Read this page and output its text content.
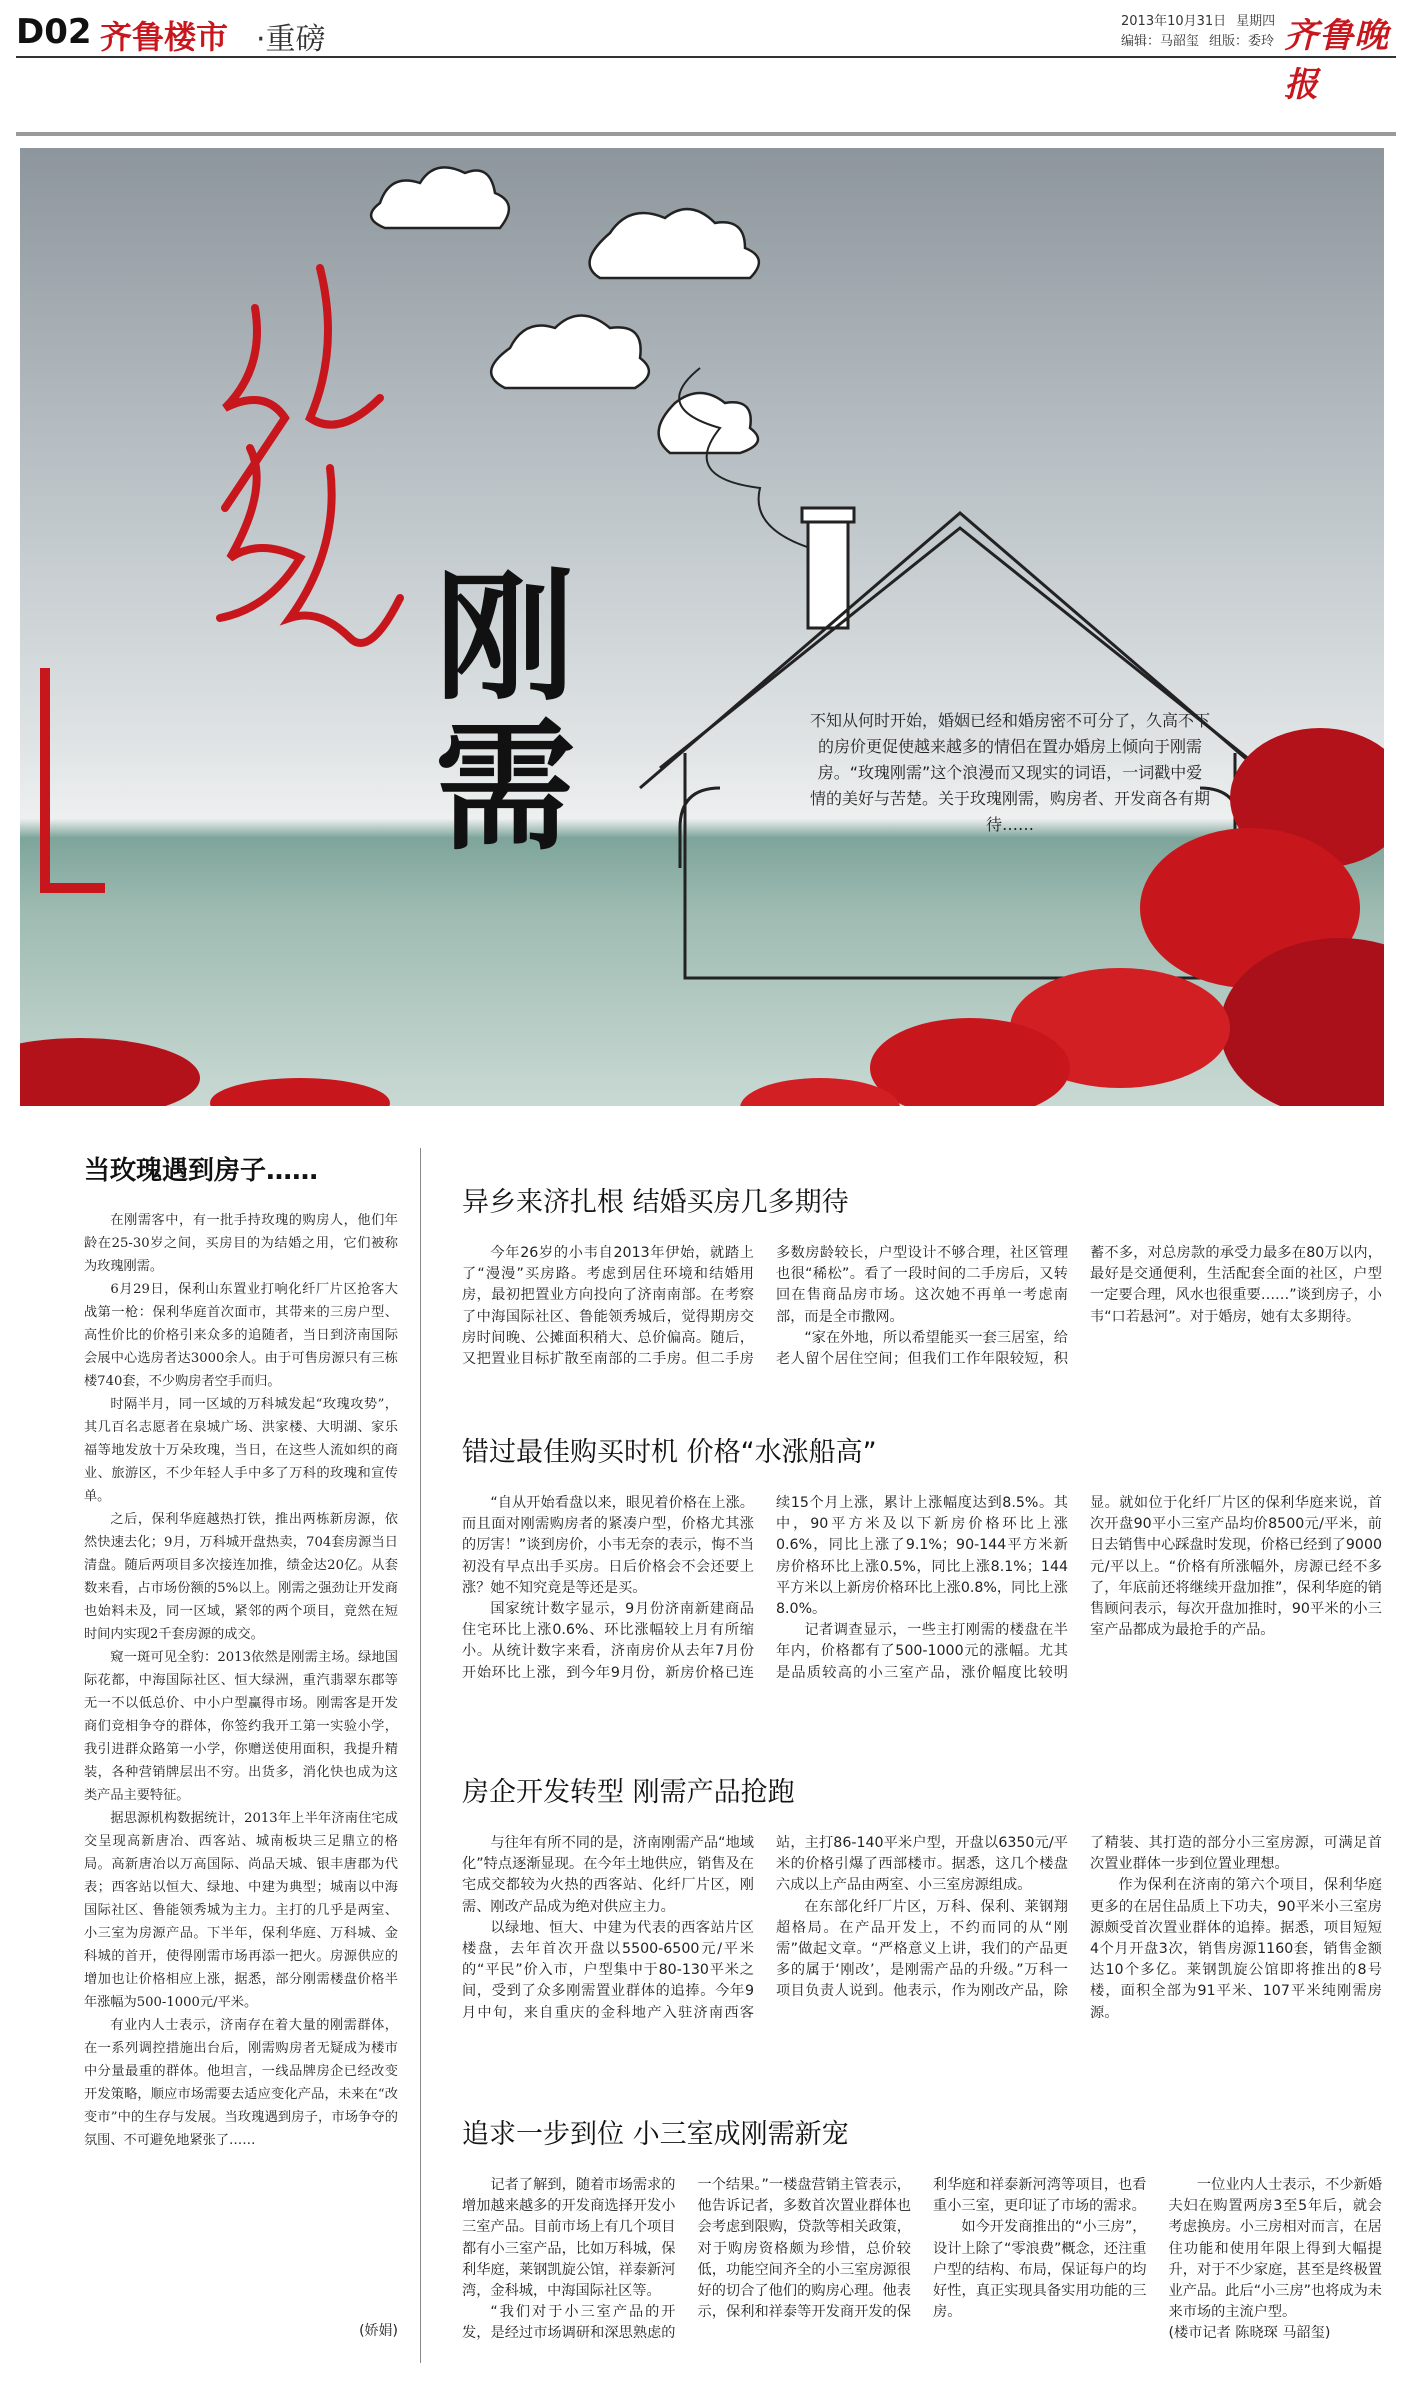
D02 齐鲁楼市 ·重磅
2013年10月31日 星期四
编辑：马韶玺 组版：委玲 齐鲁晚报
刚
需	不知从何时开始，婚姻已经和婚房密不可分了，久高不下的房价更促使越来越多的情侣在置办婚房上倾向于刚需房。“玫瑰刚需”这个浪漫而又现实的词语，一词戳中爱情的美好与苦楚。关于玫瑰刚需，购房者、开发商各有期待……
当玫瑰遇到房子……

在刚需客中，有一批手持玫瑰的购房人，他们年龄在25-30岁之间，买房目的为结婚之用，它们被称为玫瑰刚需。

6月29日，保利山东置业打响化纤厂片区抢客大战第一枪：保利华庭首次面市，其带来的三房户型、高性价比的价格引来众多的追随者，当日到济南国际会展中心选房者达3000余人。由于可售房源只有三栋楼740套，不少购房者空手而归。

时隔半月，同一区域的万科城发起“玫瑰攻势”，其几百名志愿者在泉城广场、洪家楼、大明湖、家乐福等地发放十万朵玫瑰，当日，在这些人流如织的商业、旅游区，不少年轻人手中多了万科的玫瑰和宣传单。

之后，保利华庭越热打铁，推出两栋新房源，依然快速去化；9月，万科城开盘热卖，704套房源当日清盘。随后两项目多次接连加推，绩金达20亿。从套数来看，占市场份额的5%以上。刚需之强劲让开发商也始料未及，同一区域，紧邻的两个项目，竟然在短时间内实现2千套房源的成交。

窥一斑可见全豹：2013依然是刚需主场。绿地国际花都，中海国际社区、恒大绿洲，重汽翡翠东郡等无一不以低总价、中小户型赢得市场。刚需客是开发商们竞相争夺的群体，你签约我开工第一实验小学，我引进群众路第一小学，你赠送使用面积，我提升精装，各种营销牌层出不穷。出货多，消化快也成为这类产品主要特征。

据思源机构数据统计，2013年上半年济南住宅成交呈现高新唐冶、西客站、城南板块三足鼎立的格局。高新唐冶以万高国际、尚品天城、银丰唐郡为代表；西客站以恒大、绿地、中建为典型；城南以中海国际社区、鲁能领秀城为主力。主打的几乎是两室、小三室为房源产品。下半年，保利华庭、万科城、金科城的首开，使得刚需市场再添一把火。房源供应的增加也让价格相应上涨，据悉，部分刚需楼盘价格半年涨幅为500-1000元/平米。

有业内人士表示，济南存在着大量的刚需群体，在一系列调控措施出台后，刚需购房者无疑成为楼市中分量最重的群体。他坦言，一线品牌房企已经改变开发策略，顺应市场需要去适应变化产品，未来在“改变市”中的生存与发展。当玫瑰遇到房子，市场争夺的氛围、不可避免地紧张了……

(娇娟)
异乡来济扎根 结婚买房几多期待

今年26岁的小韦自2013年伊始，就踏上了“漫漫”买房路。考虑到居住环境和结婚用房，最初把置业方向投向了济南南部。在考察了中海国际社区、鲁能领秀城后，觉得期房交房时间晚、公摊面积稍大、总价偏高。随后，又把置业目标扩散至南部的二手房。但二手房多数房龄较长，户型设计不够合理，社区管理也很“稀松”。看了一段时间的二手房后，又转回在售商品房市场。这次她不再单一考虑南部，而是全市撒网。

“家在外地，所以希望能买一套三居室，给老人留个居住空间；但我们工作年限较短，积蓄不多，对总房款的承受力最多在80万以内，最好是交通便利，生活配套全面的社区，户型一定要合理，风水也很重要……”谈到房子，小韦“口若悬河”。对于婚房，她有太多期待。

错过最佳购买时机 价格“水涨船高”

“自从开始看盘以来，眼见着价格在上涨。而且面对刚需购房者的紧凑户型，价格尤其涨的厉害！”谈到房价，小韦无奈的表示，悔不当初没有早点出手买房。日后价格会不会还要上涨？她不知究竟是等还是买。

国家统计数字显示，9月份济南新建商品住宅环比上涨0.6%、环比涨幅较上月有所缩小。从统计数字来看，济南房价从去年7月份开始环比上涨，到今年9月份，新房价格已连续15个月上涨，累计上涨幅度达到8.5%。其中，90平方米及以下新房价格环比上涨0.6%，同比上涨了9.1%；90-144平方米新房价格环比上涨0.5%，同比上涨8.1%；144平方米以上新房价格环比上涨0.8%，同比上涨8.0%。

记者调查显示，一些主打刚需的楼盘在半年内，价格都有了500-1000元的涨幅。尤其是品质较高的小三室产品，涨价幅度比较明显。就如位于化纤厂片区的保利华庭来说，首次开盘90平小三室产品均价8500元/平米，前日去销售中心踩盘时发现，价格已经到了9000元/平以上。“价格有所涨幅外，房源已经不多了，年底前还将继续开盘加推”，保利华庭的销售顾问表示，每次开盘加推时，90平米的小三室产品都成为最抢手的产品。

房企开发转型 刚需产品抢跑

与往年有所不同的是，济南刚需产品“地域化”特点逐渐显现。在今年土地供应，销售及在宅成交都较为火热的西客站、化纤厂片区，刚需、刚改产品成为绝对供应主力。

以绿地、恒大、中建为代表的西客站片区楼盘，去年首次开盘以5500-6500元/平米的“平民”价入市，户型集中于80-130平米之间，受到了众多刚需置业群体的追捧。今年9月中旬，来自重庆的金科地产入驻济南西客站，主打86-140平米户型，开盘以6350元/平米的价格引爆了西部楼市。据悉，这几个楼盘六成以上产品由两室、小三室房源组成。

在东部化纤厂片区，万科、保利、莱钢翔超格局。在产品开发上，不约而同的从“刚需”做起文章。“严格意义上讲，我们的产品更多的属于‘刚改’，是刚需产品的升级。”万科一项目负责人说到。他表示，作为刚改产品，除了精装、其打造的部分小三室房源，可满足首次置业群体一步到位置业理想。

作为保利在济南的第六个项目，保利华庭更多的在居住品质上下功夫，90平米小三室房源颇受首次置业群体的追捧。据悉，项目短短4个月开盘3次，销售房源1160套，销售金额达10个多亿。莱钢凯旋公馆即将推出的8号楼，面积全部为91平米、107平米纯刚需房源。

追求一步到位 小三室成刚需新宠

记者了解到，随着市场需求的增加越来越多的开发商选择开发小三室产品。目前市场上有几个项目都有小三室产品，比如万科城，保利华庭，莱钢凯旋公馆，祥泰新河湾，金科城，中海国际社区等。

“我们对于小三室产品的开发，是经过市场调研和深思熟虑的一个结果。”一楼盘营销主管表示，他告诉记者，多数首次置业群体也会考虑到限购，贷款等相关政策，对于购房资格颇为珍惜，总价较低，功能空间齐全的小三室房源很好的切合了他们的购房心理。他表示，保利和祥泰等开发商开发的保利华庭和祥泰新河湾等项目，也看重小三室，更印证了市场的需求。

如今开发商推出的“小三房”，设计上除了“零浪费”概念，还注重户型的结构、布局，保证每户的均好性，真正实现具备实用功能的三房。

一位业内人士表示，不少新婚夫妇在购置两房3至5年后，就会考虑换房。小三房相对而言，在居住功能和使用年限上得到大幅提升，对于不少家庭，甚至是终极置业产品。此后“小三房”也将成为未来市场的主流户型。

(楼市记者 陈晓琛 马韶玺)
